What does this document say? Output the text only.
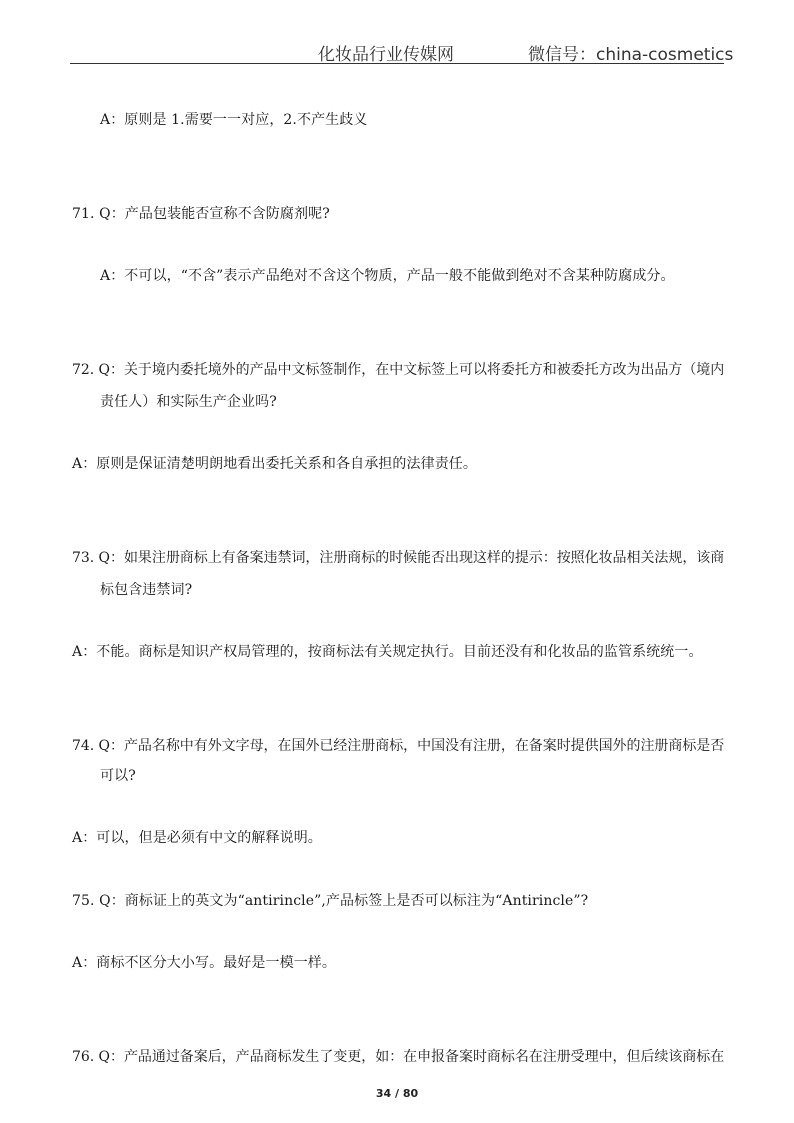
化妆品行业传媒网	微信号：china-cosmetics
A：原则是 1.需要一一对应，2.不产生歧义
71. Q：产品包装能否宣称不含防腐剂呢?
A：不可以，“不含”表示产品绝对不含这个物质，产品一般不能做到绝对不含某种防腐成分。
72. Q：关于境内委托境外的产品中文标签制作，在中文标签上可以将委托方和被委托方改为出品方（境内
责任人）和实际生产企业吗?
A：原则是保证清楚明朗地看出委托关系和各自承担的法律责任。
73. Q：如果注册商标上有备案违禁词，注册商标的时候能否出现这样的提示：按照化妆品相关法规，该商
标包含违禁词?
A：不能。商标是知识产权局管理的，按商标法有关规定执行。目前还没有和化妆品的监管系统统一。
74. Q：产品名称中有外文字母，在国外已经注册商标，中国没有注册，在备案时提供国外的注册商标是否
可以?
A：可以，但是必须有中文的解释说明。
75. Q：商标证上的英文为“antirincle”,产品标签上是否可以标注为“Antirincle”?
A：商标不区分大小写。最好是一模一样。
76. Q：产品通过备案后，产品商标发生了变更，如：在申报备案时商标名在注册受理中，但后续该商标在
34 / 80
